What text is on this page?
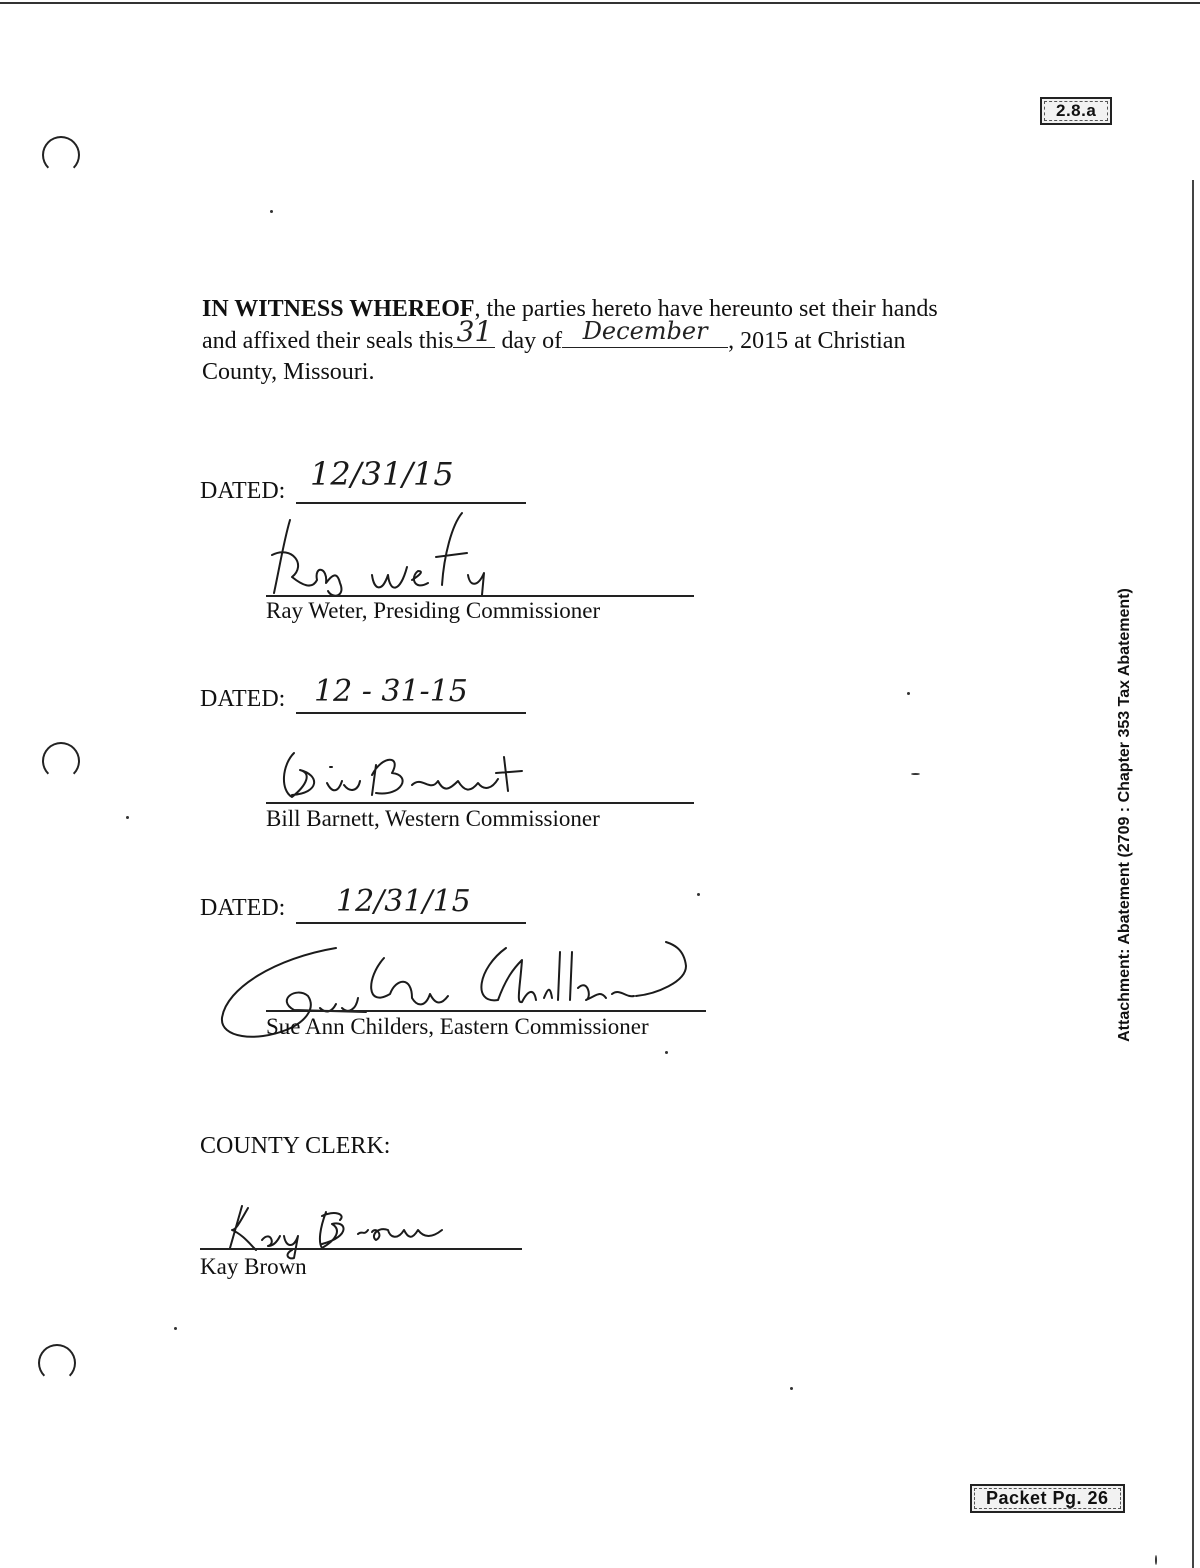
2.8.a
Attachment: Abatement (2709 : Chapter 353 Tax Abatement)
IN WITNESS WHEREOF, the parties hereto have hereunto set their hands
and affixed their seals this 31 day of December , 2015 at Christian
County, Missouri.
DATED: 12/31/15
Ray Weter, Presiding Commissioner
DATED: 12 - 31-15
Bill Barnett, Western Commissioner
DATED: 12/31/15
Sue Ann Childers, Eastern Commissioner
COUNTY CLERK:
Kay Brown
Packet Pg. 26
